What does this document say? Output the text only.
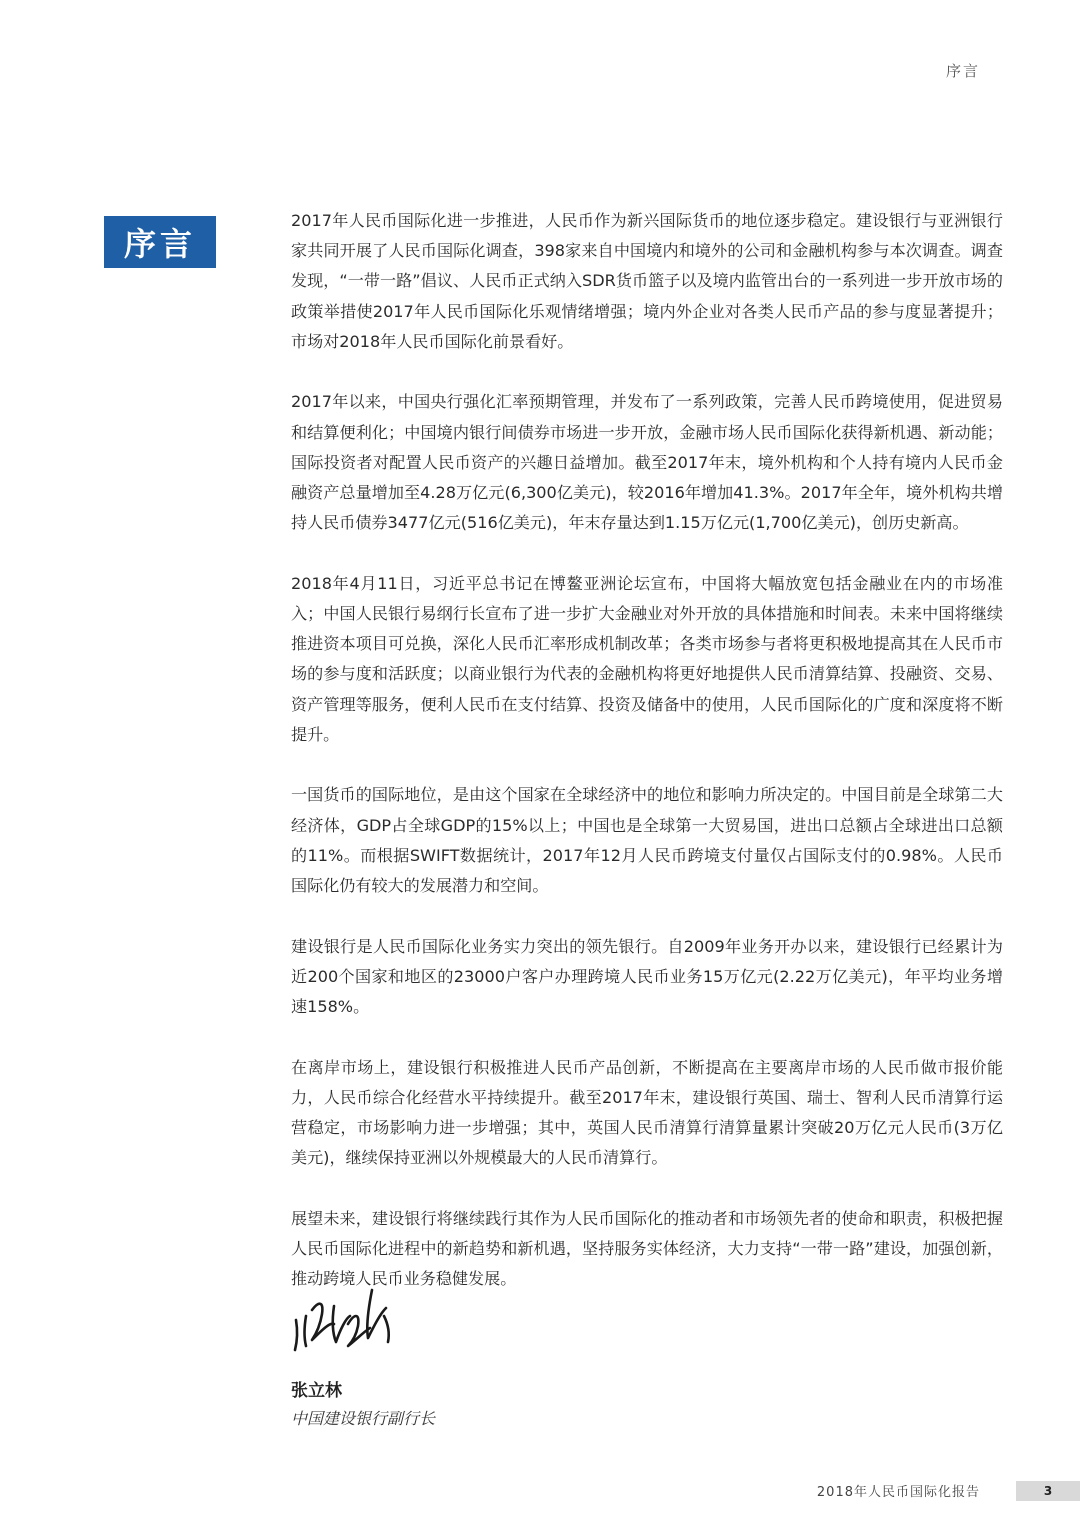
序言
序言

2017年人民币国际化进一步推进，人民币作为新兴国际货币的地位逐步稳定。建设银行与亚洲银行家共同开展了人民币国际化调查，398家来自中国境内和境外的公司和金融机构参与本次调查。调查发现，“一带一路”倡议、人民币正式纳入SDR货币篮子以及境内监管出台的一系列进一步开放市场的政策举措使2017年人民币国际化乐观情绪增强；境内外企业对各类人民币产品的参与度显著提升；市场对2018年人民币国际化前景看好。

2017年以来，中国央行强化汇率预期管理，并发布了一系列政策，完善人民币跨境使用，促进贸易和结算便利化；中国境内银行间债券市场进一步开放，金融市场人民币国际化获得新机遇、新动能；国际投资者对配置人民币资产的兴趣日益增加。截至2017年末，境外机构和个人持有境内人民币金融资产总量增加至4.28万亿元(6,300亿美元)，较2016年增加41.3%。2017年全年，境外机构共增持人民币债券3477亿元(516亿美元)，年末存量达到1.15万亿元(1,700亿美元)，创历史新高。

2018年4月11日，习近平总书记在博鳌亚洲论坛宣布，中国将大幅放宽包括金融业在内的市场准入；中国人民银行易纲行长宣布了进一步扩大金融业对外开放的具体措施和时间表。未来中国将继续推进资本项目可兑换，深化人民币汇率形成机制改革；各类市场参与者将更积极地提高其在人民币市场的参与度和活跃度；以商业银行为代表的金融机构将更好地提供人民币清算结算、投融资、交易、资产管理等服务，便利人民币在支付结算、投资及储备中的使用，人民币国际化的广度和深度将不断提升。

一国货币的国际地位，是由这个国家在全球经济中的地位和影响力所决定的。中国目前是全球第二大经济体，GDP占全球GDP的15%以上；中国也是全球第一大贸易国，进出口总额占全球进出口总额的11%。而根据SWIFT数据统计，2017年12月人民币跨境支付量仅占国际支付的0.98%。人民币国际化仍有较大的发展潜力和空间。

建设银行是人民币国际化业务实力突出的领先银行。自2009年业务开办以来，建设银行已经累计为近200个国家和地区的23000户客户办理跨境人民币业务15万亿元(2.22万亿美元)，年平均业务增速158%。

在离岸市场上，建设银行积极推进人民币产品创新，不断提高在主要离岸市场的人民币做市报价能力，人民币综合化经营水平持续提升。截至2017年末，建设银行英国、瑞士、智利人民币清算行运营稳定，市场影响力进一步增强；其中，英国人民币清算行清算量累计突破20万亿元人民币(3万亿美元)，继续保持亚洲以外规模最大的人民币清算行。

展望未来，建设银行将继续践行其作为人民币国际化的推动者和市场领先者的使命和职责，积极把握人民币国际化进程中的新趋势和新机遇，坚持服务实体经济，大力支持“一带一路”建设，加强创新，推动跨境人民币业务稳健发展。

张立林
中国建设银行副行长
2018年人民币国际化报告	3
